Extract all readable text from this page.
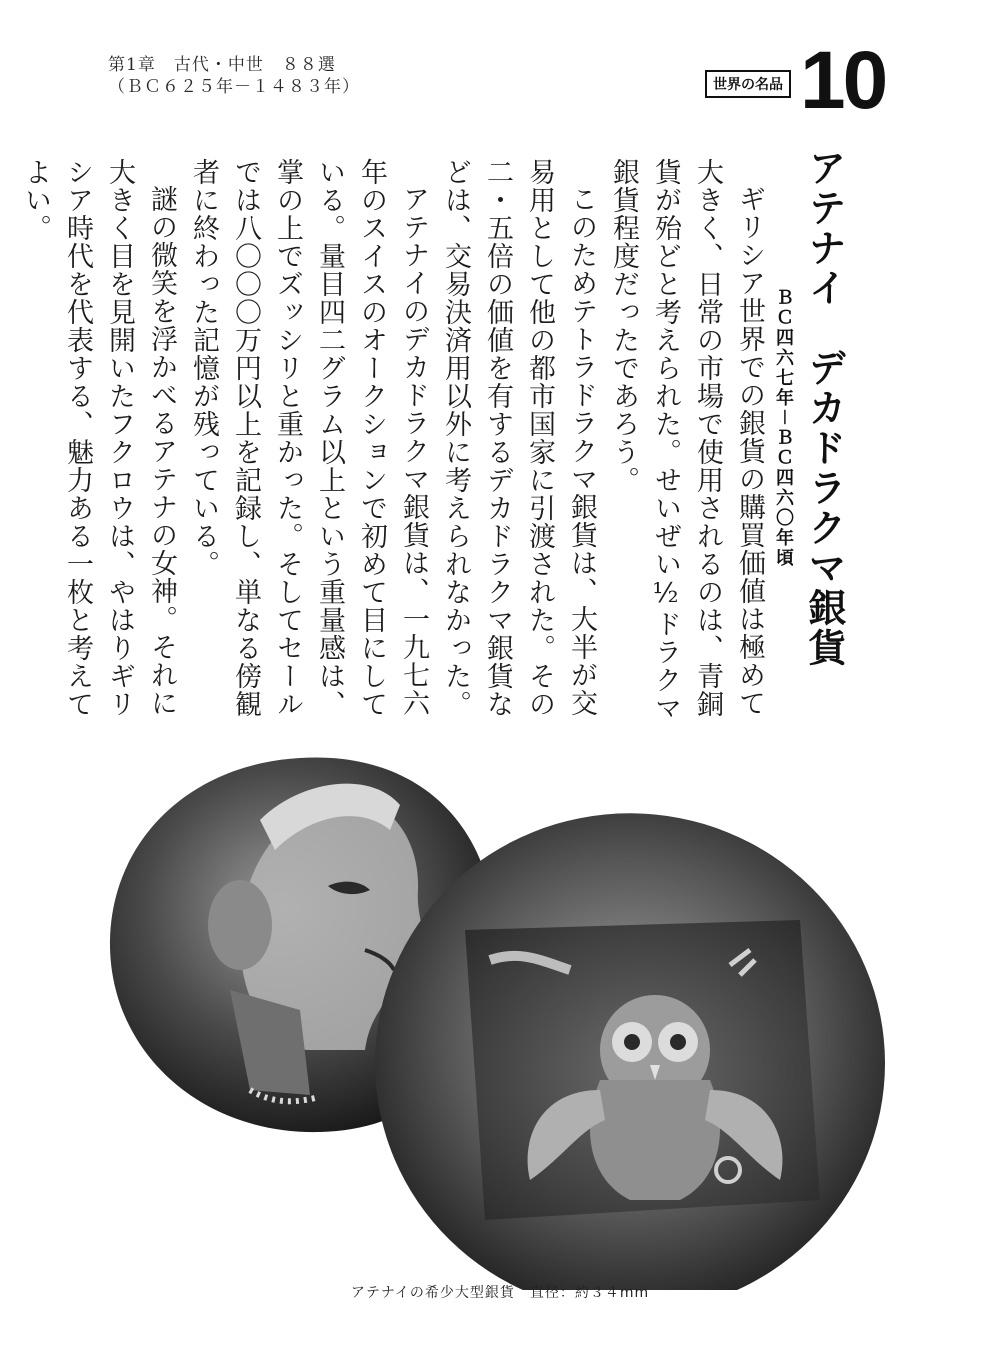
第1章　古代・中世　８８選
（ＢＣ６２５年－１４８３年）	世界の名品 10
アテナイ　デカドラクマ銀貨
ＢＣ四六七年－ＢＣ四六〇年頃

ギリシア世界での銀貨の購買価値は極めて大きく、日常の市場で使用されるのは、青銅貨が殆どと考えられた。せいぜい½ドラクマ銀貨程度だったであろう。

このためテトラドラクマ銀貨は、大半が交易用として他の都市国家に引渡された。その二・五倍の価値を有するデカドラクマ銀貨などは、交易決済用以外に考えられなかった。

アテナイのデカドラクマ銀貨は、一九七六年のスイスのオークションで初めて目にしている。量目四二グラム以上という重量感は、掌の上でズッシリと重かった。そしてセールでは八〇〇〇万円以上を記録し、単なる傍観者に終わった記憶が残っている。

謎の微笑を浮かべるアテナの女神。それに大きく目を見開いたフクロウは、やはりギリシア時代を代表する、魅力ある一枚と考えてよい。

アテナイの希少大型銀貨　直径：約３４mm
